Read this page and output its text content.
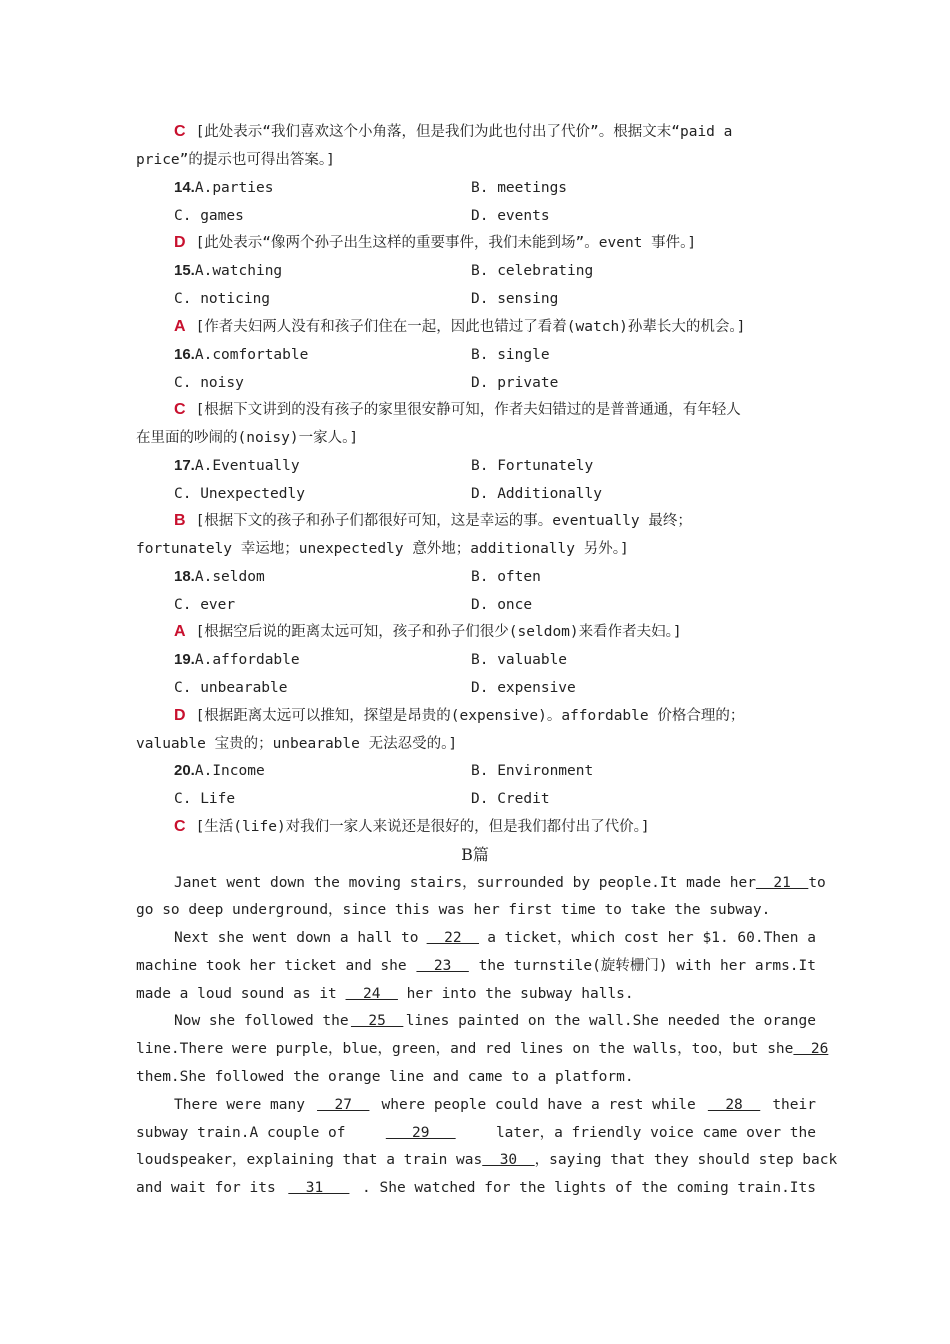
C [此处表示“我们喜欢这个小角落，但是我们为此也付出了代价”。根据文末“paid a
price”的提示也可得出答案。]
14.A.parties	B. meetings
C. games	D. events
D [此处表示“像两个孙子出生这样的重要事件，我们未能到场”。event 事件。]
15.A.watching	B. celebrating
C. noticing	D. sensing
A [作者夫妇两人没有和孩子们住在一起，因此也错过了看着(watch)孙辈长大的机会。]
16.A.comfortable	B. single
C. noisy	D. private
C [根据下文讲到的没有孩子的家里很安静可知，作者夫妇错过的是普普通通，有年轻人
在里面的吵闹的(noisy)一家人。]
17.A.Eventually	B. Fortunately
C. Unexpectedly	D. Additionally
B [根据下文的孩子和孙子们都很好可知，这是幸运的事。eventually 最终；
fortunately 幸运地；unexpectedly 意外地；additionally 另外。]
18.A.seldom	B. often
C. ever	D. once
A [根据空后说的距离太远可知，孩子和孙子们很少(seldom)来看作者夫妇。]
19.A.affordable	B. valuable
C. unbearable	D. expensive
D [根据距离太远可以推知，探望是昂贵的(expensive)。affordable 价格合理的；
valuable 宝贵的；unbearable 无法忍受的。]
20.A.Income	B. Environment
C. Life	D. Credit
C [生活(life)对我们一家人来说还是很好的，但是我们都付出了代价。]
B篇
Janet went down the moving stairs，surrounded by people.It made her 21 to
go so deep underground，since this was her first time to take the subway.
Next she went down a hall to 22 a ticket，which cost her $1. 60.Then a
machine took her ticket and she 23 the turnstile(旋转栅门) with her arms.It
made a loud sound as it   24   her into the subway halls.
Now she followed the 25 lines painted on the wall.She needed the orange
line.There were purple，blue，green，and red lines on the walls，too，but she 26
them.She followed the orange line and came to a platform.
There were many 27 where people could have a rest while 28 their
subway train.A couple of	29	later，a friendly voice came over the
loudspeaker，explaining that a train was 30 ，saying that they should step back
and wait for its 31 . She watched for the lights of the coming train.Its
